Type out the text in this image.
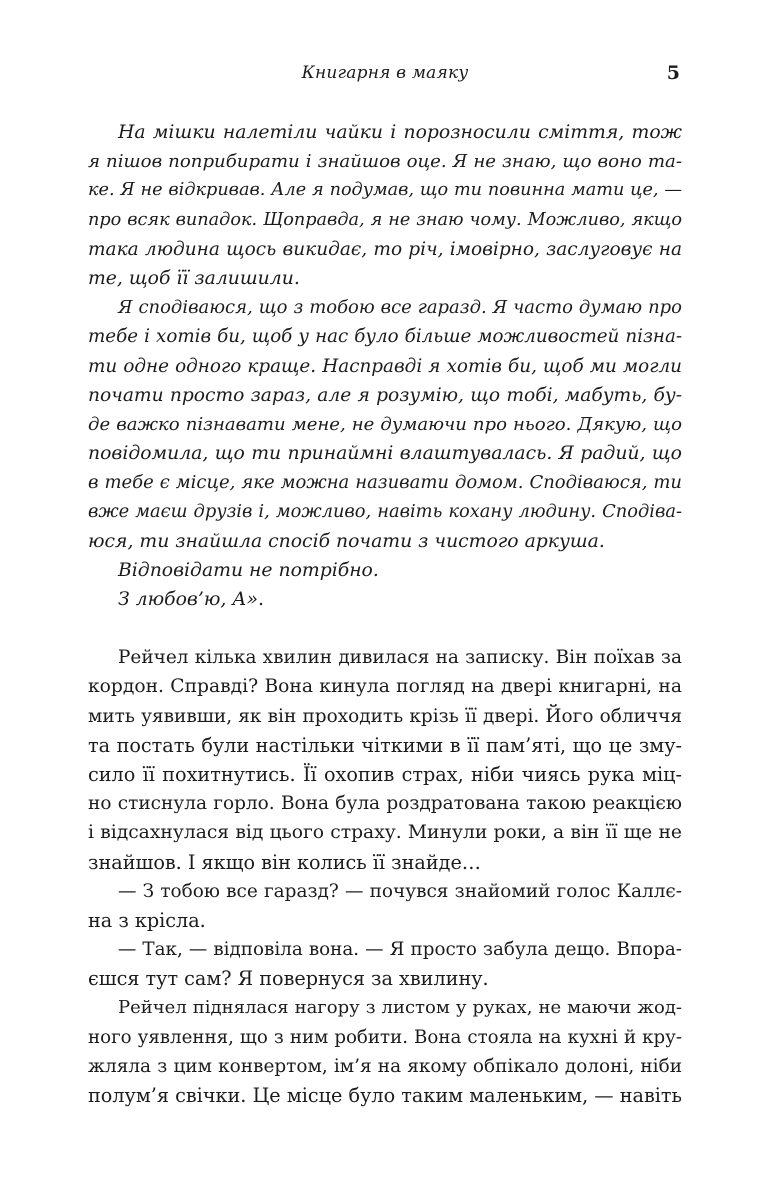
Книгарня в маяку	5
На мішки налетіли чайки і порозносили сміття, тож
я пішов поприбирати і знайшов оце. Я не знаю, що воно та-
ке. Я не відкривав. Але я подумав, що ти повинна мати це, —
про всяк випадок. Щоправда, я не знаю чому. Можливо, якщо
така людина щось викидає, то річ, імовірно, заслуговує на
те, щоб її залишили.
Я сподіваюся, що з тобою все гаразд. Я часто думаю про
тебе і хотів би, щоб у нас було більше можливостей пізна-
ти одне одного краще. Насправді я хотів би, щоб ми могли
почати просто зараз, але я розумію, що тобі, мабуть, бу-
де важко пізнавати мене, не думаючи про нього. Дякую, що
повідомила, що ти принаймні влаштувалась. Я радий, що
в тебе є місце, яке можна називати домом. Сподіваюся, ти
вже маєш друзів і, можливо, навіть кохану людину. Сподіва-
юся, ти знайшла спосіб почати з чистого аркуша.
Відповідати не потрібно.
З любов’ю, А».
Рейчел кілька хвилин дивилася на записку. Він поїхав за
кордон. Справді? Вона кинула погляд на двері книгарні, на
мить уявивши, як він проходить крізь її двері. Його обличчя
та постать були настільки чіткими в її пам’яті, що це зму-
сило її похитнутись. Її охопив страх, ніби чиясь рука міц-
но стиснула горло. Вона була роздратована такою реакцією
і відсахнулася від цього страху. Минули роки, а він її ще не
знайшов. І якщо він колись її знайде…
— З тобою все гаразд? — почувся знайомий голос Каллє-
на з крісла.
— Так, — відповіла вона. — Я просто забула дещо. Впора-
єшся тут сам? Я повернуся за хвилину.
Рейчел піднялася нагору з листом у руках, не маючи жод-
ного уявлення, що з ним робити. Вона стояла на кухні й кру-
жляла з цим конвертом, ім’я на якому обпікало долоні, ніби
полум’я свічки. Це місце було таким маленьким, — навіть
